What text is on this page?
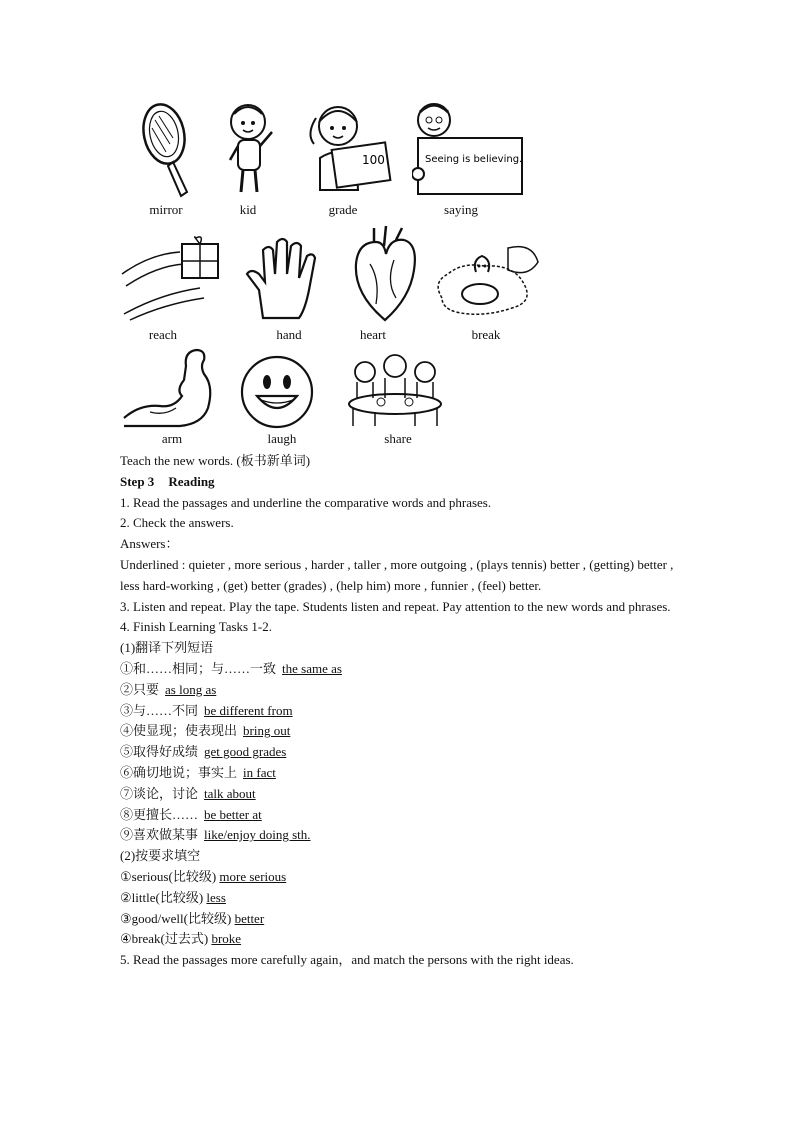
100	Seeing is believing.
mirror	kid	grade	saying
reach	hand	heart	break
arm	laugh	share
Teach the new words. (板书新单词)
Step 3 Reading
1. Read the passages and underline the comparative words and phrases.
2. Check the answers.
Answers：
Underlined : quieter , more serious , harder , taller , more outgoing , (plays tennis) better , (getting) better , less hard-working , (get) better (grades) , (help him) more , funnier , (feel) better.
3. Listen and repeat. Play the tape. Students listen and repeat. Pay attention to the new words and phrases.
4. Finish Learning Tasks 1-2.
(1)翻译下列短语
①和……相同；与……一致 the same as
②只要 as long as
③与……不同 be different from
④使显现；使表现出 bring out
⑤取得好成绩 get good grades
⑥确切地说；事实上 in fact
⑦谈论，讨论 talk about
⑧更擅长…… be better at
⑨喜欢做某事 like/enjoy doing sth.
(2)按要求填空
①serious(比较级) more serious
②little(比较级) less
③good/well(比较级) better
④break(过去式) broke
5. Read the passages more carefully again，and match the persons with the right ideas.
